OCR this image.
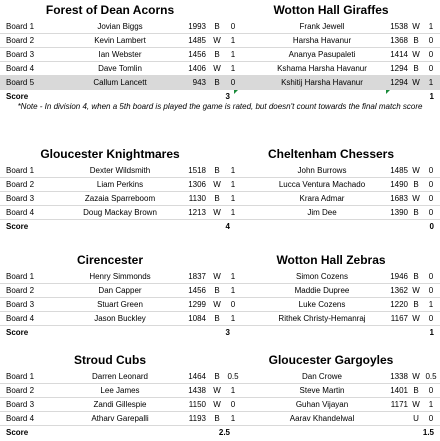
Forest of Dean Acorns	Wotton Hall Giraffes
Board 1	Jovian Biggs	1993 B	0	Frank Jewell	1538 W	1
Board 2	Kevin Lambert	1485 W	1	Harsha Havanur	1368 B	0
Board 3	Ian Webster	1456 B	1	Ananya Pasupaleti	1414 W	0
Board 4	Dave Tomlin	1406 W	1	Kshama Harsha Havanur	1294 B	0
Board 5	Callum Lancett	943 B	0	Kshitij Harsha Havanur	1294 W	1
Score	3	1
*Note - In division 4, when a 5th board is played the game is rated, but doesn't count towards the final match score
Gloucester Knightmares	Cheltenham Chessers
Board 1	Dexter Wildsmith	1518 B	1	John Burrows	1485 W	0
Board 2	Liam Perkins	1306 W	1	Lucca Ventura Machado	1490 B	0
Board 3	Zazaia Sparreboom	1130 B	1	Krara Admar	1683 W	0
Board 4	Doug Mackay Brown	1213 W	1	Jim Dee	1390 B	0
Score	4	0
Cirencester	Wotton Hall Zebras
Board 1	Henry Simmonds	1837 W	1	Simon Cozens	1946 B	0
Board 2	Dan Capper	1456 B	1	Maddie Dupree	1362 W	0
Board 3	Stuart Green	1299 W	0	Luke Cozens	1220 B	1
Board 4	Jason Buckley	1084 B	1	Rithek Christy-Hemanraj	1167 W	0
Score	3	1
Stroud Cubs	Gloucester Gargoyles
Board 1	Darren Leonard	1464 B 0.5	Dan Crowe	1338 W 0.5
Board 2	Lee James	1438 W	1	Steve Martin	1401 B	0
Board 3	Zandi Gillespie	1150 W	0	Guhan Vijayan	1171 W	1
Board 4	Atharv Garepalli	1193 B	1	Aarav Khandelwal	U	0
Score	2.5	1.5
